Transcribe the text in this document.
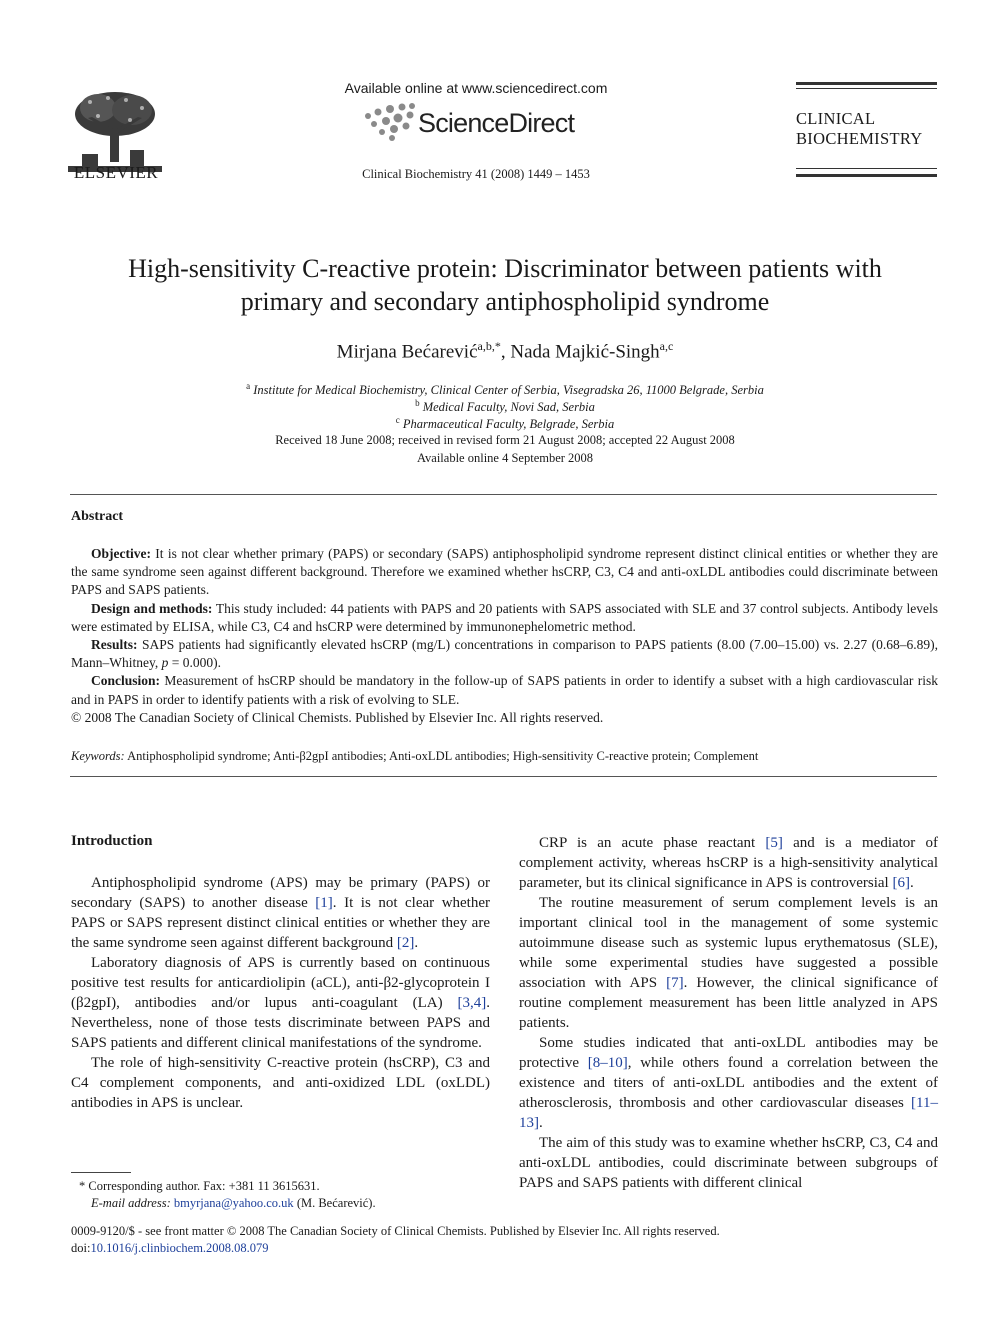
ELSEVIER
Available online at www.sciencedirect.com
ScienceDirect
Clinical Biochemistry 41 (2008) 1449 – 1453
CLINICAL
BIOCHEMISTRY
High-sensitivity C-reactive protein: Discriminator between patients with
primary and secondary antiphospholipid syndrome
Mirjana Bećarević$^{a,b,*}$, Nada Majkić-Singh$^{a,c}$
$^a$ Institute for Medical Biochemistry, Clinical Center of Serbia, Visegradska 26, 11000 Belgrade, Serbia
$^b$ Medical Faculty, Novi Sad, Serbia
$^c$ Pharmaceutical Faculty, Belgrade, Serbia
Received 18 June 2008; received in revised form 21 August 2008; accepted 22 August 2008
Available online 4 September 2008
Abstract

Objective: It is not clear whether primary (PAPS) or secondary (SAPS) antiphospholipid syndrome represent distinct clinical entities or whether they are the same syndrome seen against different background. Therefore we examined whether hsCRP, C3, C4 and anti-oxLDL antibodies could discriminate between PAPS and SAPS patients.

Design and methods: This study included: 44 patients with PAPS and 20 patients with SAPS associated with SLE and 37 control subjects. Antibody levels were estimated by ELISA, while C3, C4 and hsCRP were determined by immunonephelometric method.

Results: SAPS patients had significantly elevated hsCRP (mg/L) concentrations in comparison to PAPS patients (8.00 (7.00–15.00) vs. 2.27 (0.68–6.89), Mann–Whitney, p = 0.000).

Conclusion: Measurement of hsCRP should be mandatory in the follow-up of SAPS patients in order to identify a subset with a high cardiovascular risk and in PAPS in order to identify patients with a risk of evolving to SLE.

© 2008 The Canadian Society of Clinical Chemists. Published by Elsevier Inc. All rights reserved.

Keywords: Antiphospholipid syndrome; Anti-β2gpI antibodies; Anti-oxLDL antibodies; High-sensitivity C-reactive protein; Complement
Introduction

Antiphospholipid syndrome (APS) may be primary (PAPS) or secondary (SAPS) to another disease [1]. It is not clear whether PAPS or SAPS represent distinct clinical entities or whether they are the same syndrome seen against different background [2].

Laboratory diagnosis of APS is currently based on continuous positive test results for anticardiolipin (aCL), anti-β2-glycoprotein I (β2gpI), antibodies and/or lupus anti-coagulant (LA) [3,4]. Nevertheless, none of those tests discriminate between PAPS and SAPS patients and different clinical manifestations of the syndrome.

The role of high-sensitivity C-reactive protein (hsCRP), C3 and C4 complement components, and anti-oxidized LDL (oxLDL) antibodies in APS is unclear.

CRP is an acute phase reactant [5] and is a mediator of complement activity, whereas hsCRP is a high-sensitivity analytical parameter, but its clinical significance in APS is controversial [6].

The routine measurement of serum complement levels is an important clinical tool in the management of some systemic autoimmune disease such as systemic lupus erythematosus (SLE), while some experimental studies have suggested a possible association with APS [7]. However, the clinical significance of routine complement measurement has been little analyzed in APS patients.

Some studies indicated that anti-oxLDL antibodies may be protective [8–10], while others found a correlation between the existence and titers of anti-oxLDL antibodies and the extent of atherosclerosis, thrombosis and other cardiovascular diseases [11–13].

The aim of this study was to examine whether hsCRP, C3, C4 and anti-oxLDL antibodies, could discriminate between subgroups of PAPS and SAPS patients with different clinical

* Corresponding author. Fax: +381 11 3615631.
E-mail address: bmyrjana@yahoo.co.uk (M. Bećarević).
0009-9120/$ - see front matter © 2008 The Canadian Society of Clinical Chemists. Published by Elsevier Inc. All rights reserved.
doi:10.1016/j.clinbiochem.2008.08.079
